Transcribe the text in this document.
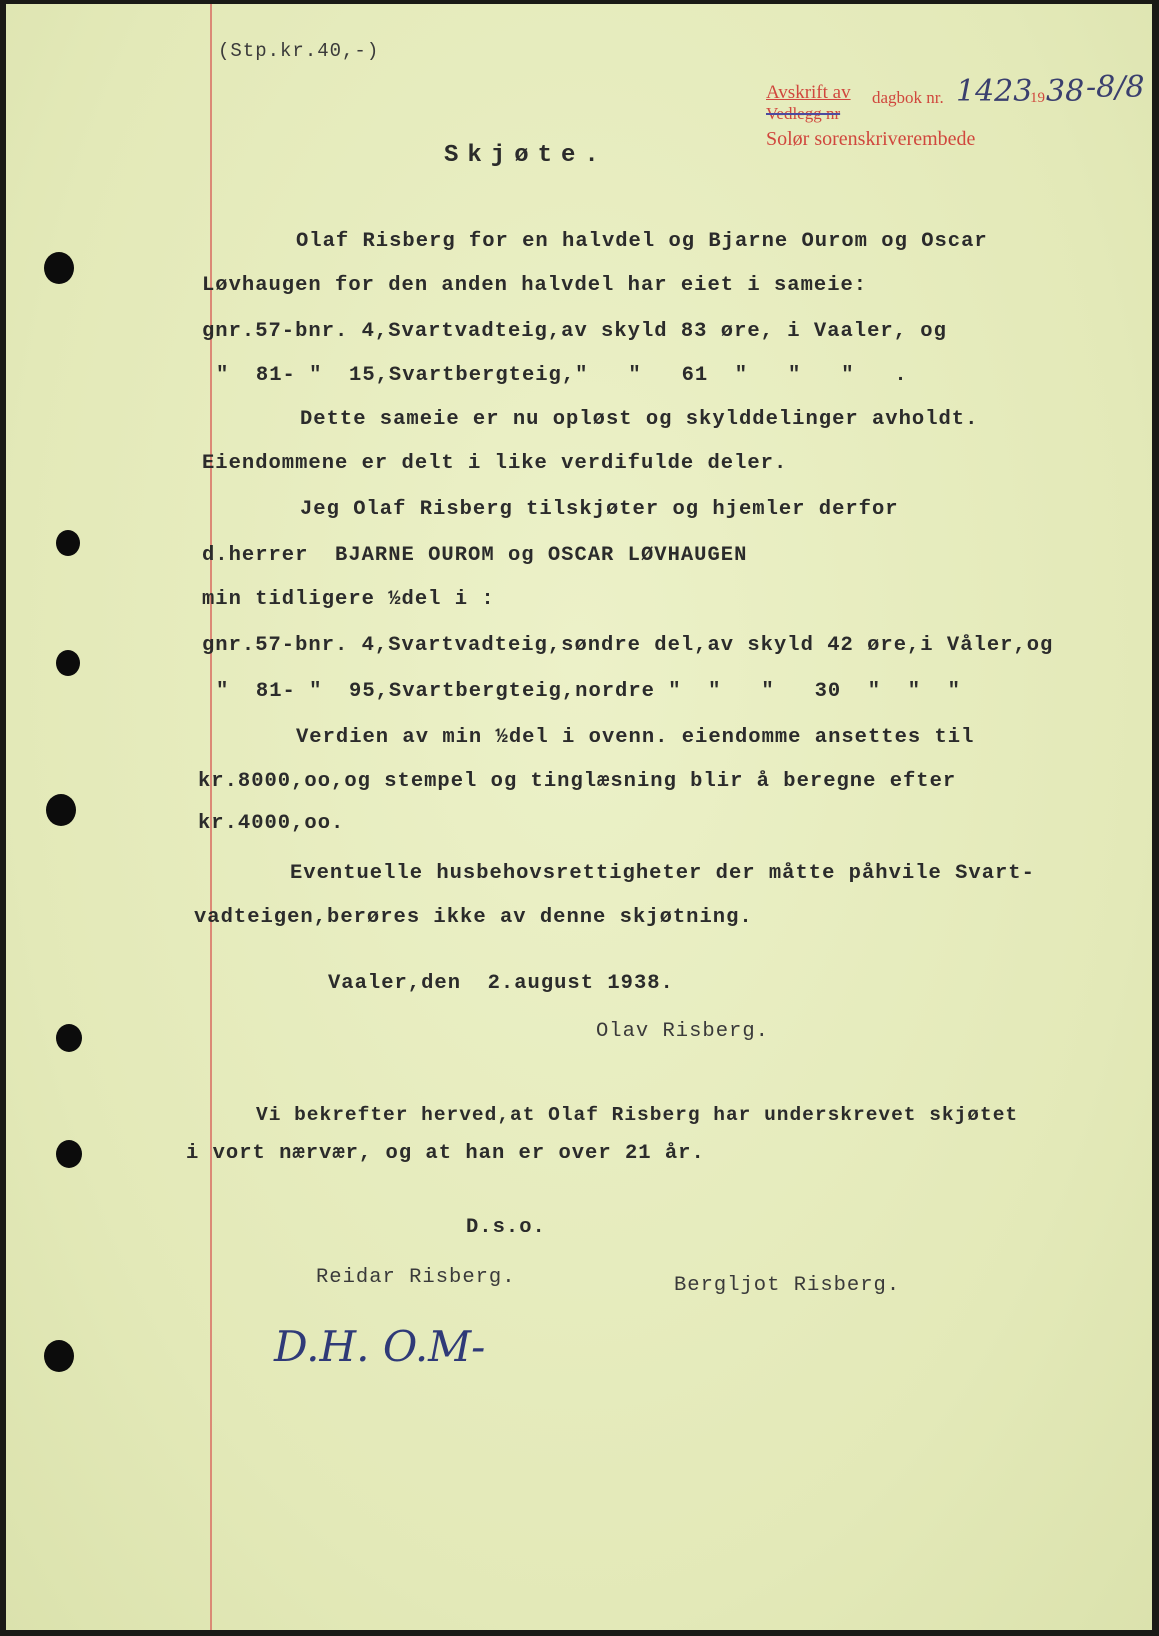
(Stp.kr.40,-)
Skjøte.
Avskrift av dagbok nr.
Vedlegg nr
Solør sorenskriverembede
1423
19 38 -8/8
Olaf Risberg for en halvdel og Bjarne Ourom og Oscar
Løvhaugen for den anden halvdel har eiet i sameie:
gnr.57-bnr. 4,Svartvadteig,av skyld 83 øre, i Vaaler, og
"  81- "  15,Svartbergteig,"   "   61  "   "   "   .
Dette sameie er nu opløst og skylddelinger avholdt.
Eiendommene er delt i like verdifulde deler.
Jeg Olaf Risberg tilskjøter og hjemler derfor
d.herrer  BJARNE OUROM og OSCAR LØVHAUGEN
min tidligere ½del i :
gnr.57-bnr. 4,Svartvadteig,søndre del,av skyld 42 øre,i Våler,og
"  81- "  95,Svartbergteig,nordre "  "   "   30  "  "  "
Verdien av min ½del i ovenn. eiendomme ansettes til
kr.8000,oo,og stempel og tinglæsning blir å beregne efter
kr.4000,oo.
Eventuelle husbehovsrettigheter der måtte påhvile Svart-
vadteigen,berøres ikke av denne skjøtning.
Vaaler,den  2.august 1938.
Olav Risberg.
Vi bekrefter herved,at Olaf Risberg har underskrevet skjøtet
i vort nærvær, og at han er over 21 år.
D.s.o.
Reidar Risberg.	Bergljot Risberg.
D.H. O.M-
